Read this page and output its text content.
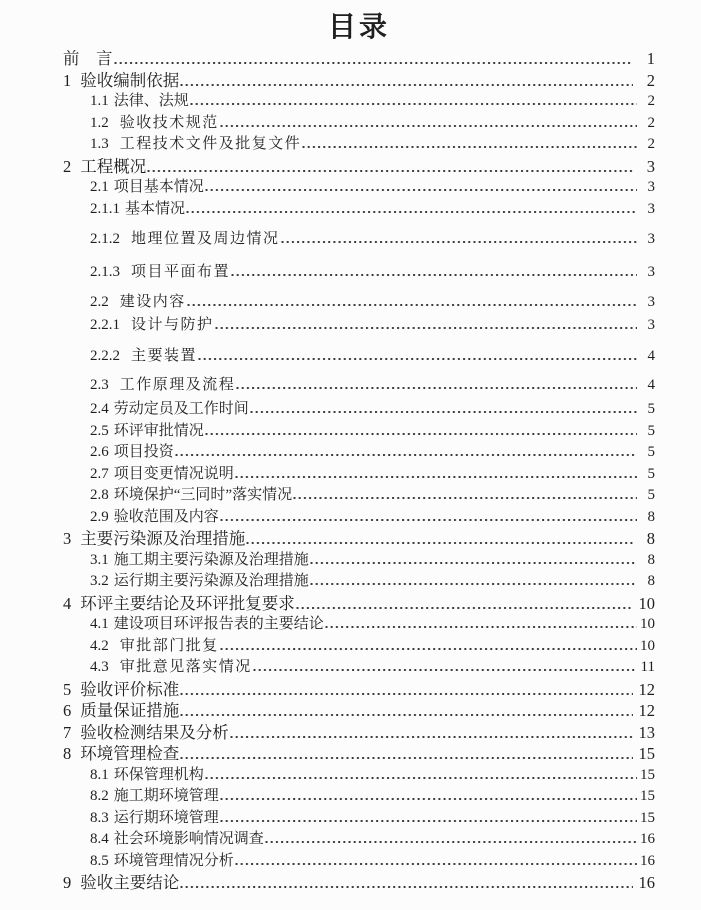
目录
前　言	1
1 验收编制依据	2
1.1 法律、法规	2
1.2 验收技术规范	2
1.3 工程技术文件及批复文件	2
2 工程概况	3
2.1 项目基本情况	3
2.1.1 基本情况	3
2.1.2 地理位置及周边情况	3
2.1.3 项目平面布置	3
2.2 建设内容	3
2.2.1 设计与防护	3
2.2.2 主要装置	4
2.3 工作原理及流程	4
2.4 劳动定员及工作时间	5
2.5 环评审批情况	5
2.6 项目投资	5
2.7 项目变更情况说明	5
2.8 环境保护“三同时”落实情况	5
2.9 验收范围及内容	8
3 主要污染源及治理措施	8
3.1 施工期主要污染源及治理措施	8
3.2 运行期主要污染源及治理措施	8
4 环评主要结论及环评批复要求	10
4.1 建设项目环评报告表的主要结论	10
4.2 审批部门批复	10
4.3 审批意见落实情况	11
5 验收评价标准	12
6 质量保证措施	12
7 验收检测结果及分析	13
8 环境管理检查	15
8.1 环保管理机构	15
8.2 施工期环境管理	15
8.3 运行期环境管理	15
8.4 社会环境影响情况调查	16
8.5 环境管理情况分析	16
9 验收主要结论	16
